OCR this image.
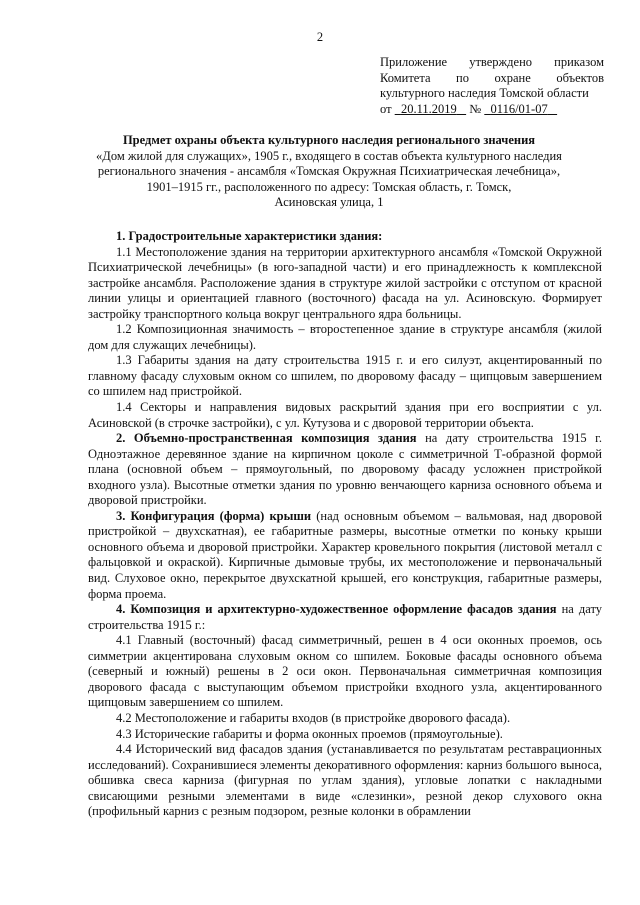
2
Приложение утверждено приказом
Комитета по охране объектов
культурного наследия Томской области
от 20.11.2019 № 0116/01-07
Предмет охраны объекта культурного наследия регионального значения
«Дом жилой для служащих», 1905 г., входящего в состав объекта культурного наследия
регионального значения - ансамбля «Томская Окружная Психиатрическая лечебница»,
1901–1915 гг., расположенного по адресу: Томская область, г. Томск,
Асиновская улица, 1
1. Градостроительные характеристики здания:

1.1 Местоположение здания на территории архитектурного ансамбля «Томской Окружной Психиатрической лечебницы» (в юго-западной части) и его принадлежность к комплексной застройке ансамбля. Расположение здания в структуре жилой застройки с отступом от красной линии улицы и ориентацией главного (восточного) фасада на ул. Асиновскую. Формирует застройку транспортного кольца вокруг центрального ядра больницы.

1.2 Композиционная значимость – второстепенное здание в структуре ансамбля (жилой дом для служащих лечебницы).

1.3 Габариты здания на дату строительства 1915 г. и его силуэт, акцентированный по главному фасаду слуховым окном со шпилем, по дворовому фасаду – щипцовым завершением со шпилем над пристройкой.

1.4 Секторы и направления видовых раскрытий здания при его восприятии с ул. Асиновской (в строчке застройки), с ул. Кутузова и с дворовой территории объекта.

2. Объемно-пространственная композиция здания на дату строительства 1915 г. Одноэтажное деревянное здание на кирпичном цоколе с симметричной Т-образной формой плана (основной объем – прямоугольный, по дворовому фасаду усложнен пристройкой входного узла). Высотные отметки здания по уровню венчающего карниза основного объема и дворовой пристройки.

3. Конфигурация (форма) крыши (над основным объемом – вальмовая, над дворовой пристройкой – двухскатная), ее габаритные размеры, высотные отметки по коньку крыши основного объема и дворовой пристройки. Характер кровельного покрытия (листовой металл с фальцовкой и окраской). Кирпичные дымовые трубы, их местоположение и первоначальный вид. Слуховое окно, перекрытое двухскатной крышей, его конструкция, габаритные размеры, форма проема.

4. Композиция и архитектурно-художественное оформление фасадов здания на дату строительства 1915 г.:

4.1 Главный (восточный) фасад симметричный, решен в 4 оси оконных проемов, ось симметрии акцентирована слуховым окном со шпилем. Боковые фасады основного объема (северный и южный) решены в 2 оси окон. Первоначальная симметричная композиция дворового фасада с выступающим объемом пристройки входного узла, акцентированного щипцовым завершением со шпилем.

4.2 Местоположение и габариты входов (в пристройке дворового фасада).

4.3 Исторические габариты и форма оконных проемов (прямоугольные).

4.4 Исторический вид фасадов здания (устанавливается по результатам реставрационных исследований). Сохранившиеся элементы декоративного оформления: карниз большого выноса, обшивка свеса карниза (фигурная по углам здания), угловые лопатки с накладными свисающими резными элементами в виде «слезинки», резной декор слухового окна (профильный карниз с резным подзором, резные колонки в обрамлении
